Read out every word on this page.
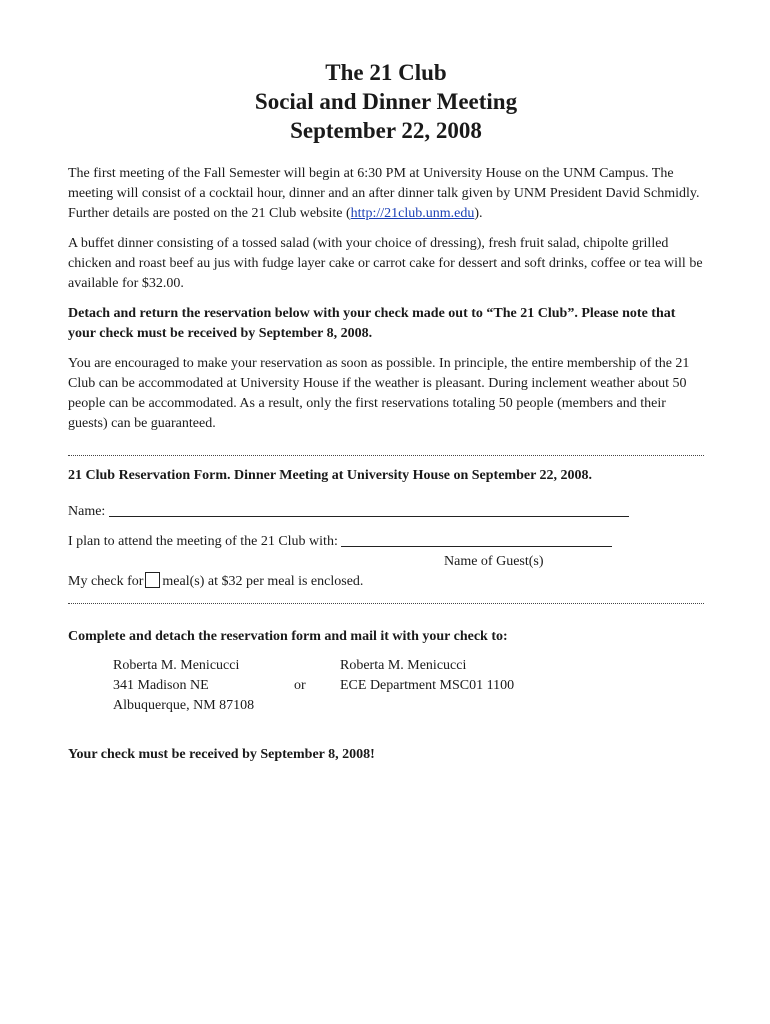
The 21 Club

Social and Dinner Meeting

September 22, 2008

The first meeting of the Fall Semester will begin at 6:30 PM at University House on the UNM Campus. The meeting will consist of a cocktail hour, dinner and an after dinner talk given by UNM President David Schmidly. Further details are posted on the 21 Club website (http://21club.unm.edu).

A buffet dinner consisting of a tossed salad (with your choice of dressing), fresh fruit salad, chipolte grilled chicken and roast beef au jus with fudge layer cake or carrot cake for dessert and soft drinks, coffee or tea will be available for $32.00.

Detach and return the reservation below with your check made out to “The 21 Club”. Please note that your check must be received by September 8, 2008.

You are encouraged to make your reservation as soon as possible. In principle, the entire membership of the 21 Club can be accommodated at University House if the weather is pleasant. During inclement weather about 50 people can be accommodated. As a result, only the first reservations totaling 50 people (members and their guests) can be guaranteed.

21 Club Reservation Form. Dinner Meeting at University House on September 22, 2008.

Name:

I plan to attend the meeting of the 21 Club with:

Name of Guest(s)

My check for meal(s) at $32 per meal is enclosed.

Complete and detach the reservation form and mail it with your check to:

Roberta M. Menicucci
341 Madison NE
Albuquerque, NM 87108
or
Roberta M. Menicucci
ECE Department MSC01 1100

Your check must be received by September 8, 2008!
